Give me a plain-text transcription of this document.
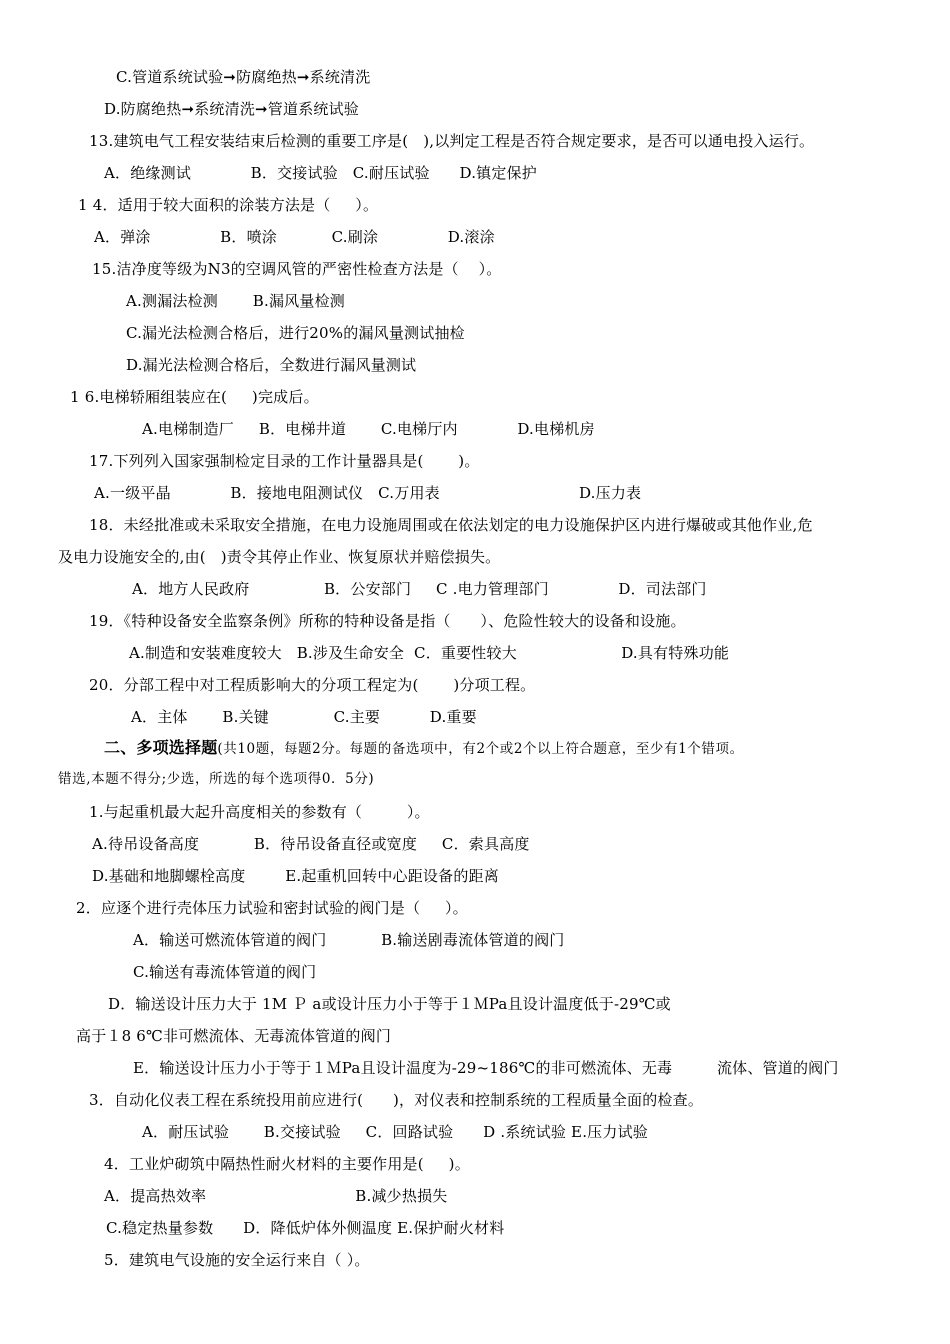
C.管道系统试验➞防腐绝热➞系统清洗
D.防腐绝热➞系统清洗➞管道系统试验
13.建筑电气工程安装结束后检测的重要工序是(   ),以判定工程是否符合规定要求，是否可以通电投入运行。
A．绝缘测试            B．交接试验   C.耐压试验      D.镇定保护
1 4．适用于较大面积的涂装方法是（     ）。
A．弹涂              B．喷涂           C.刷涂              D.滚涂
15.洁净度等级为N3的空调风管的严密性检查方法是（    ）。
A.测漏法检测       B.漏风量检测
C.漏光法检测合格后，进行20%的漏风量测试抽检
D.漏光法检测合格后，全数进行漏风量测试
1 6.电梯轿厢组装应在(     )完成后。
A.电梯制造厂     B．电梯井道       C.电梯厅内            D.电梯机房
17.下列列入国家强制检定目录的工作计量器具是(       )。
A.一级平晶            B．接地电阻测试仪   C.万用表                            D.压力表
18．未经批准或未采取安全措施，在电力设施周围或在依法划定的电力设施保护区内进行爆破或其他作业,危
及电力设施安全的,由(   )责令其停止作业、恢复原状并赔偿损失。
A．地方人民政府               B．公安部门     C .电力管理部门              D．司法部门
19．《特种设备安全监察条例》所称的特种设备是指（      ）、危险性较大的设备和设施。
A.制造和安装难度较大   B.涉及生命安全  C．重要性较大                     D.具有特殊功能
20．分部工程中对工程质影响大的分项工程定为(       )分项工程。
A．主体       B.关键             C.主要          D.重要
二、多项选择题(共10题，每题2分。每题的备选项中，有2个或2个以上符合题意，至少有1个错项。
错选,本题不得分;少选，所选的每个选项得0．5分)
1.与起重机最大起升高度相关的参数有（         ）。
A.待吊设备高度           B．待吊设备直径或宽度     C．索具高度
D.基础和地脚螺栓高度        E.起重机回转中心距设备的距离
2．应逐个进行壳体压力试验和密封试验的阀门是（     ）。
A．输送可燃流体管道的阀门           B.输送剧毒流体管道的阀门
C.输送有毒流体管道的阀门
D．输送设计压力大于 1M Ｐ a或设计压力小于等于１ＭPa且设计温度低于-29℃或
高于１8 6℃非可燃流体、无毒流体管道的阀门
E．输送设计压力小于等于１ＭPa且设计温度为-29~186℃的非可燃流体、无毒         流体、管道的阀门
3．自动化仪表工程在系统投用前应进行(      )，对仪表和控制系统的工程质量全面的检查。
A．耐压试验       B.交接试验     C．回路试验      D .系统试验 E.压力试验
4．工业炉砌筑中隔热性耐火材料的主要作用是(     )。
A．提高热效率                              B.减少热损失
C.稳定热量参数      D．降低炉体外侧温度 E.保护耐火材料
5．建筑电气设施的安全运行来自（ ）。
